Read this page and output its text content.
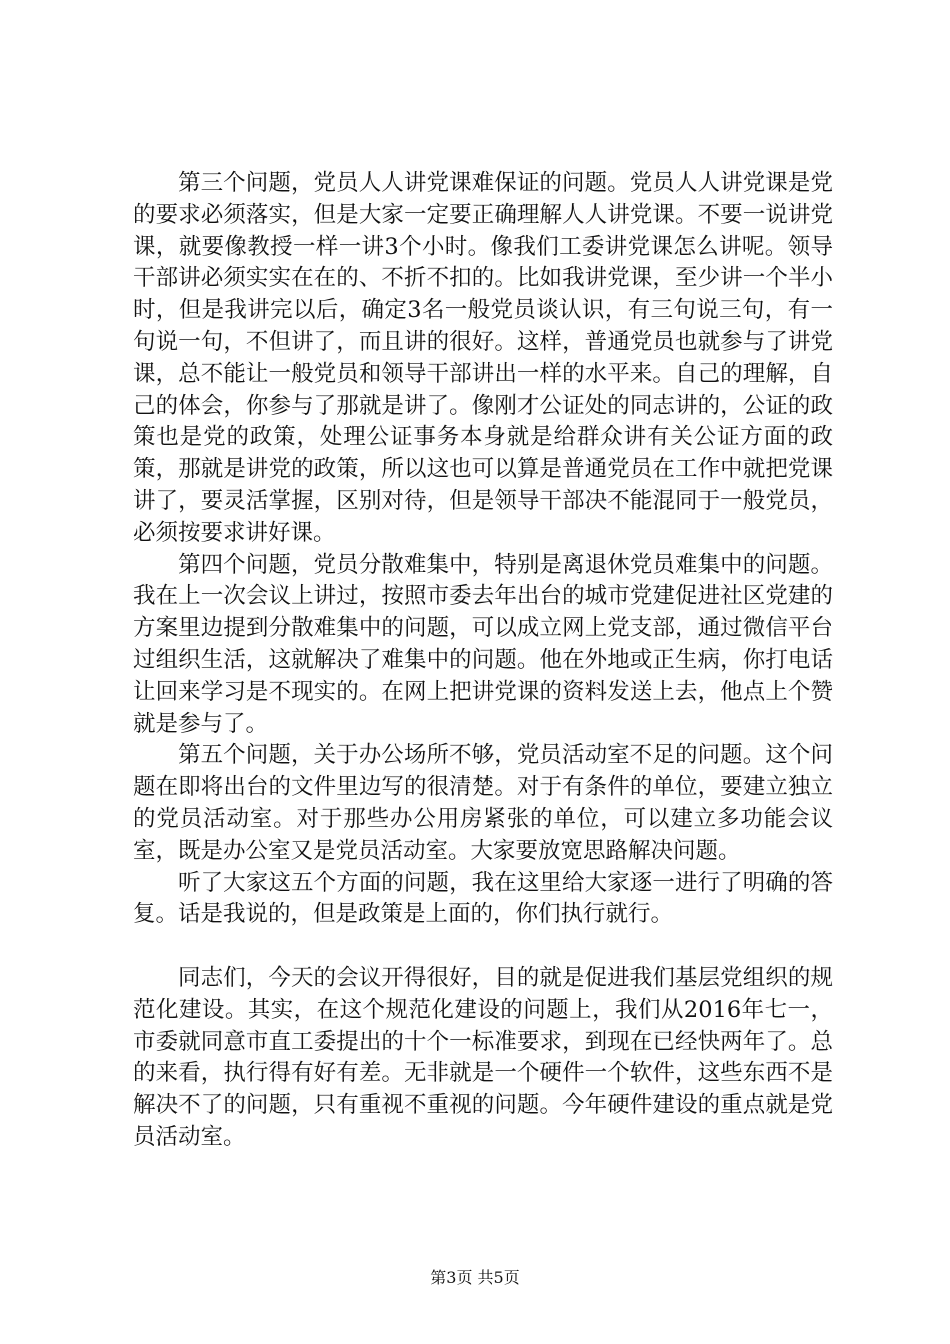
第三个问题，党员人人讲党课难保证的问题。党员人人讲党课是党的要求必须落实，但是大家一定要正确理解人人讲党课。不要一说讲党课，就要像教授一样一讲3个小时。像我们工委讲党课怎么讲呢。领导干部讲必须实实在在的、不折不扣的。比如我讲党课，至少讲一个半小时，但是我讲完以后，确定3名一般党员谈认识，有三句说三句，有一句说一句，不但讲了，而且讲的很好。这样，普通党员也就参与了讲党课，总不能让一般党员和领导干部讲出一样的水平来。自己的理解，自己的体会，你参与了那就是讲了。像刚才公证处的同志讲的，公证的政策也是党的政策，处理公证事务本身就是给群众讲有关公证方面的政策，那就是讲党的政策，所以这也可以算是普通党员在工作中就把党课讲了，要灵活掌握，区别对待，但是领导干部决不能混同于一般党员，必须按要求讲好课。

第四个问题，党员分散难集中，特别是离退休党员难集中的问题。我在上一次会议上讲过，按照市委去年出台的城市党建促进社区党建的方案里边提到分散难集中的问题，可以成立网上党支部，通过微信平台过组织生活，这就解决了难集中的问题。他在外地或正生病，你打电话让回来学习是不现实的。在网上把讲党课的资料发送上去，他点上个赞就是参与了。

第五个问题，关于办公场所不够，党员活动室不足的问题。这个问题在即将出台的文件里边写的很清楚。对于有条件的单位，要建立独立的党员活动室。对于那些办公用房紧张的单位，可以建立多功能会议室，既是办公室又是党员活动室。大家要放宽思路解决问题。

听了大家这五个方面的问题，我在这里给大家逐一进行了明确的答复。话是我说的，但是政策是上面的，你们执行就行。

同志们，今天的会议开得很好，目的就是促进我们基层党组织的规范化建设。其实，在这个规范化建设的问题上，我们从2016年七一，市委就同意市直工委提出的十个一标准要求，到现在已经快两年了。总的来看，执行得有好有差。无非就是一个硬件一个软件，这些东西不是解决不了的问题，只有重视不重视的问题。今年硬件建设的重点就是党员活动室。

第3页 共5页
